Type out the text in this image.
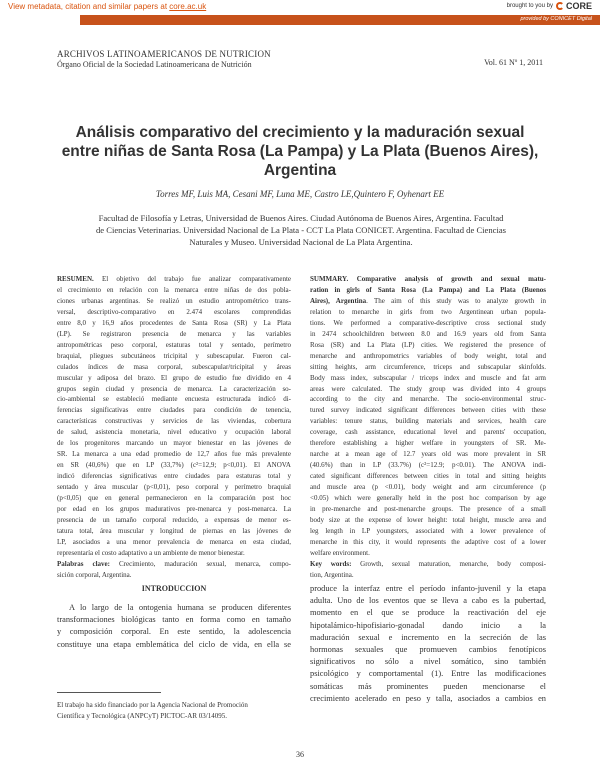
View metadata, citation and similar papers at core.ac.uk	brought to you by CORE
provided by CONICET Digital
ARCHIVOS LATINOAMERICANOS DE NUTRICION
Órgano Oficial de la Sociedad Latinoamericana de Nutrición	Vol. 61 Nº 1, 2011
Análisis comparativo del crecimiento y la maduración sexual
entre niñas de Santa Rosa (La Pampa) y La Plata (Buenos Aires),
Argentina
Torres MF, Luis MA, Cesani MF, Luna ME, Castro LE,Quintero F, Oyhenart EE
Facultad de Filosofía y Letras, Universidad de Buenos Aires. Ciudad Autónoma de Buenos Aires, Argentina. Facultad
de Ciencias Veterinarias. Universidad Nacional de La Plata - CCT La Plata CONICET. Argentina. Facultad de Ciencias
Naturales y Museo. Universidad Nacional de La Plata Argentina.
RESUMEN. El objetivo del trabajo fue analizar comparativamente
el crecimiento en relación con la menarca entre niñas de dos pobla-
ciones urbanas argentinas. Se realizó un estudio antropométrico trans-
versal, descriptivo-comparativo en 2.474 escolares comprendidas
entre 8,0 y 16,9 años procedentes de Santa Rosa (SR) y La Plata
(LP). Se registraron presencia de menarca y las variables
antropométricas peso corporal, estaturas total y sentado, perímetro
braquial, pliegues subcutáneos tricipital y subescapular. Fueron cal-
culados índices de masa corporal, subescapular/tricipital y áreas
muscular y adiposa del brazo. El grupo de estudio fue dividido en 4
grupos según ciudad y presencia de menarca. La caracterización so-
cio-ambiental se estableció mediante encuesta estructurada índicó di-
ferencias significativas entre ciudades para condición de tenencia,
características constructivas y servicios de las viviendas, cobertura
de salud, asistencia monetaria, nivel educativo y ocupación laboral
de los progenitores marcando un mayor bienestar en las jóvenes de
SR. La menarca a una edad promedio de 12,7 años fue más prevalente
en SR (40,6%) que en LP (33,7%) (c²=12,9; p<0,01). El ANOVA
indicó diferencias significativas entre ciudades para estaturas total y
sentado y área muscular (p<0,01), peso corporal y perímetro braquial
(p<0,05) que en general permanecieron en la comparación post hoc
por edad en los grupos madurativos pre-menarca y post-menarca. La
presencia de un tamaño corporal reducido, a expensas de menor es-
tatura total, área muscular y longitud de piernas en las jóvenes de
LP, asociados a una menor prevalencia de menarca en esta ciudad,
representaría el costo adaptativo a un ambiente de menor bienestar.
Palabras clave: Crecimiento, maduración sexual, menarca, compo-
sición corporal, Argentina.
SUMMARY. Comparative analysis of growth and sexual matu-
ration in girls of Santa Rosa (La Pampa) and La Plata (Buenos
Aires), Argentina. The aim of this study was to analyze growth in
relation to menarche in girls from two Argentinean urban popula-
tions. We performed a comparative-descriptive cross sectional study
in 2474 schoolchildren between 8.0 and 16.9 years old from Santa
Rosa (SR) and La Plata (LP) cities. We registered the presence of
menarche and anthropometrics variables of body weight, total and
sitting heights, arm circumference, triceps and subscapular skinfolds.
Body mass index, subscapular / triceps index and muscle and fat arm
areas were calculated. The study group was divided into 4 groups
according to the city and menarche. The socio-environmental struc-
tured survey indicated significant differences between cities with these
variables: tenure status, building materials and services, health care
coverage, cash assistance, educational level and parents' occupation,
therefore establishing a higher welfare in youngsters of SR. Me-
narche at a mean age of 12.7 years old was more prevalent in SR
(40.6%) than in LP (33.7%) (c²=12.9; p<0.01). The ANOVA indi-
cated significant differences between cities in total and sitting heights
and muscle area (p <0.01), body weight and arm circumference (p
<0.05) which were generally held in the post hoc comparison by age
in pre-menarche and post-menarche groups. The presence of a small
body size at the expense of lower height: total height, muscle area and
leg length in LP youngsters, associated with a lower prevalence of
menarche in this city, it would represents the adaptive cost of a lower
welfare environment.
Key words: Growth, sexual maturation, menarche, body composi-
tion, Argentina.
INTRODUCCION
A lo largo de la ontogenia humana se producen diferentes
transformaciones biológicas tanto en forma como en tamaño
y composición corporal. En este sentido, la adolescencia
constituye una etapa emblemática del ciclo de vida, en ella se
produce la interfaz entre el período infanto-juvenil y la etapa
adulta. Uno de los eventos que se lleva a cabo es la pubertad,
momento en el que se produce la reactivación del eje
hipotalámico-hipofisiario-gonadal dando inicio a la
maduración sexual e incremento en la secreción de las
hormonas sexuales que promueven cambios fenotípicos
significativos no sólo a nivel somático, sino también
psicológico y comportamental (1). Entre las modificaciones
somáticas más prominentes pueden mencionarse el
crecimiento acelerado en peso y talla, asociados a cambios en
El trabajo ha sido financiado por la Agencia Nacional de Promoción
Científica y Tecnológica (ANPCyT) PICTOC-AR 03/14095.
36
